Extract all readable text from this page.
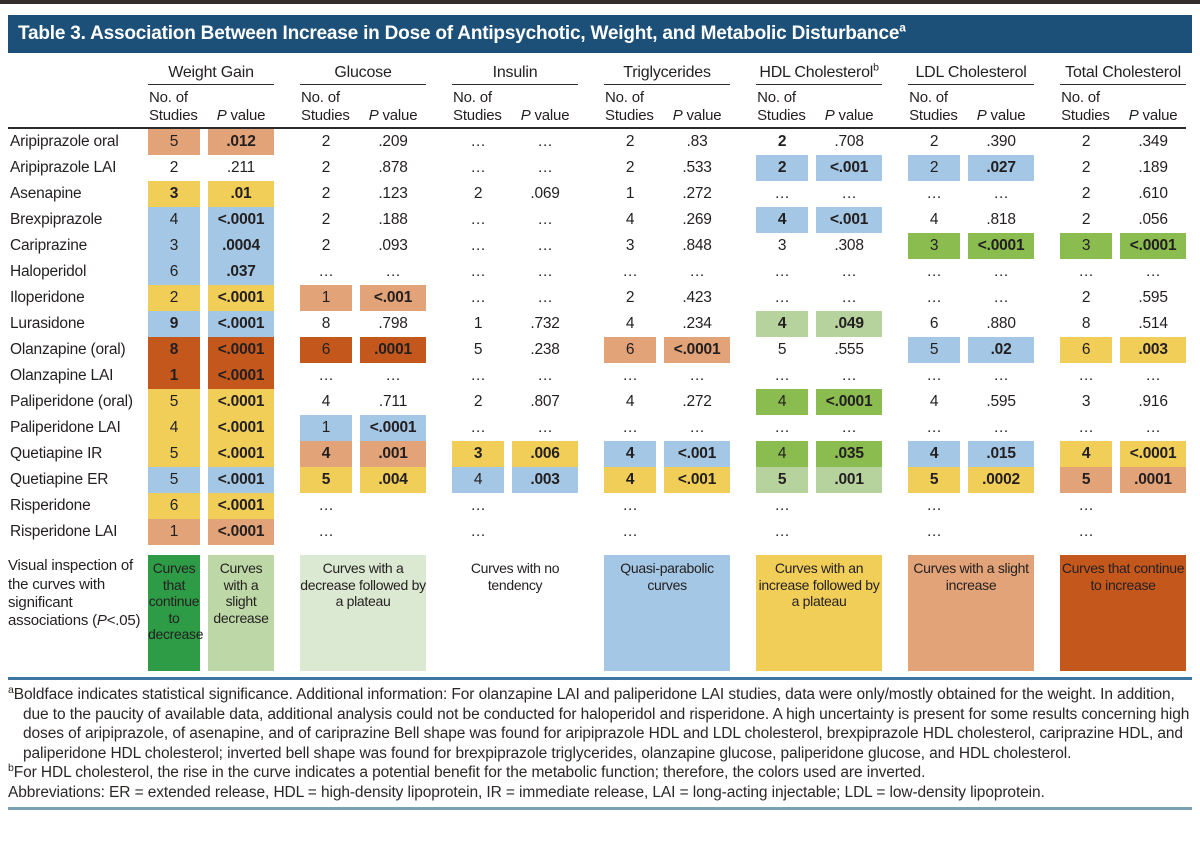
Table 3. Association Between Increase in Dose of Antipsychotic, Weight, and Metabolic Disturbance$^a$
	Weight Gain				Glucose				Insulin				Triglycerides				HDL Cholesterol$^b$				LDL Cholesterol				Total Cholesterol		

No. of
Studies		P value		
No. of
Studies		P value		
No. of
Studies		P value		
No. of
Studies		P value		
No. of
Studies		P value		
No. of
Studies		P value		
No. of
Studies		P value

Aripiprazole oral	5		.012		2		.209		…		…		2		.83		2		.708		2		.390		2		.349
Aripiprazole LAI	2		.211		2		.878		…		…		2		.533		2		<.001		2		.027		2		.189
Asenapine	3		.01		2		.123		2		.069		1		.272		…		…		…		…		2		.610
Brexpiprazole	4		<.0001		2		.188		…		…		4		.269		4		<.001		4		.818		2		.056
Cariprazine	3		.0004		2		.093		…		…		3		.848		3		.308		3		<.0001		3		<.0001
Haloperidol	6		.037		…		…		…		…		…		…		…		…		…		…		…		…
Iloperidone	2		<.0001		1		<.001		…		…		2		.423		…		…		…		…		2		.595
Lurasidone	9		<.0001		8		.798		1		.732		4		.234		4		.049		6		.880		8		.514
Olanzapine (oral)	8		<.0001		6		.0001		5		.238		6		<.0001		5		.555		5		.02		6		.003
Olanzapine LAI	1		<.0001		…		…		…		…		…		…		…		…		…		…		…		…
Paliperidone (oral)	5		<.0001		4		.711		2		.807		4		.272		4		<.0001		4		.595		3		.916
Paliperidone LAI	4		<.0001		1		<.0001		…		…		…		…		…		…		…		…		…		…
Quetiapine IR	5		<.0001		4		.001		3		.006		4		<.001		4		.035		4		.015		4		<.0001
Quetiapine ER	5		<.0001		5		.004		4		.003		4		<.001		5		.001		5		.0002		5		.0001
Risperidone	6		<.0001		…				…				…				…				…				…		
Risperidone LAI	1		<.0001		…				…				…				…				…				…		

Visual inspection of the curves with significant associations (P<.05)	Curves that continue to decrease		Curves with a slight decrease		Curves with a decrease followed by a plateau				Curves with no tendency				Quasi-parabolic curves				Curves with an increase followed by a plateau				Curves with a slight increase				Curves that continue to increase		
$^a$Boldface indicates statistical significance. Additional information: For olanzapine LAI and paliperidone LAI studies, data were only/mostly obtained for the weight. In addition, due to the paucity of available data, additional analysis could not be conducted for haloperidol and risperidone. A high uncertainty is present for some results concerning high doses of aripiprazole, of asenapine, and of cariprazine Bell shape was found for aripiprazole HDL and LDL cholesterol, brexpiprazole HDL cholesterol, cariprazine HDL, and paliperidone HDL cholesterol; inverted bell shape was found for brexpiprazole triglycerides, olanzapine glucose, paliperidone glucose, and HDL cholesterol.
$^b$For HDL cholesterol, the rise in the curve indicates a potential benefit for the metabolic function; therefore, the colors used are inverted.
Abbreviations: ER = extended release, HDL = high-density lipoprotein, IR = immediate release, LAI = long-acting injectable; LDL = low-density lipoprotein.
